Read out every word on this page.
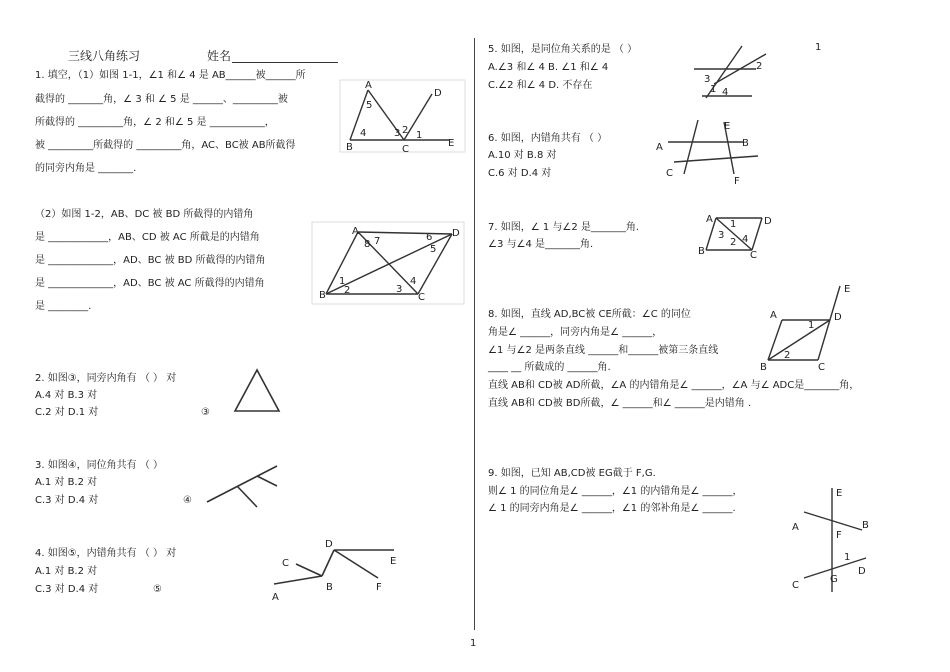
三线八角练习	姓名
1. 填空，（1）如图 1-1，∠1 和∠ 4 是 AB______被______所
截得的 _______角，∠ 3 和 ∠ 5 是 ______、_________被
所截得的 _________角，∠ 2 和∠ 5 是 ___________，
被 _________所截得的 _________角，AC、BC被 AB所截得
的同旁内角是 _______.
A
B	C
D
E
5
4	3 2 1
（2）如图 1-2，AB、DC 被 BD 所截得的内错角
是 ____________，AB、CD 被 AC 所截是的内错角
是 _____________，AD、BC 被 BD 所截得的内错角
是 _____________，AD、BC 被 AC 所截得的内错角
是 ________.
A
B	C
D
7
8
6
5
1
2	3
4
2. 如图③，同旁内角有 （ ） 对
A.4 对 B.3 对
C.2 对 D.1 对	③
3. 如图④，同位角共有 （ ）
A.1 对 B.2 对
C.3 对 D.4 对	④
4. 如图⑤，内错角共有 （ ） 对
A.1 对 B.2 对
C.3 对 D.4 对	⑤
A
B
C
D
E
F
1
1
5. 如图，是同位角关系的是 （ ）
A.∠3 和∠ 4 B. ∠1 和∠ 4
C.∠2 和∠ 4 D. 不存在
2
3
1 4
6. 如图，内错角共有 （ ）
A.10 对 B.8 对
C.6 对 D.4 对
A	B
C
E
F
7. 如图，∠ 1 与∠2 是_______角.
∠3 与∠4 是_______角.
A	D
B	C
1
3 4
2
8. 如图，直线 AD,BC被 CE所截：∠C 的同位
角是∠ ______，同旁内角是∠ ______，
∠1 与∠2 是两条直线 ______和______被第三条直线
____ __ 所截成的 ______角.
直线 AB和 CD被 AD所截，∠A 的内错角是∠ ______，∠A 与∠ ADC是_______角，
直线 AB和 CD被 BD所截，∠ ______和∠ ______是内错角 .
E
A	D
B	C
1
2
9. 如图，已知 AB,CD被 EG截于 F,G.
则∠ 1 的同位角是∠ ______，∠1 的内错角是∠ ______，
∠ 1 的同旁内角是∠ ______，∠1 的邻补角是∠ ______.
E
A	B
F
1
D
G
C
